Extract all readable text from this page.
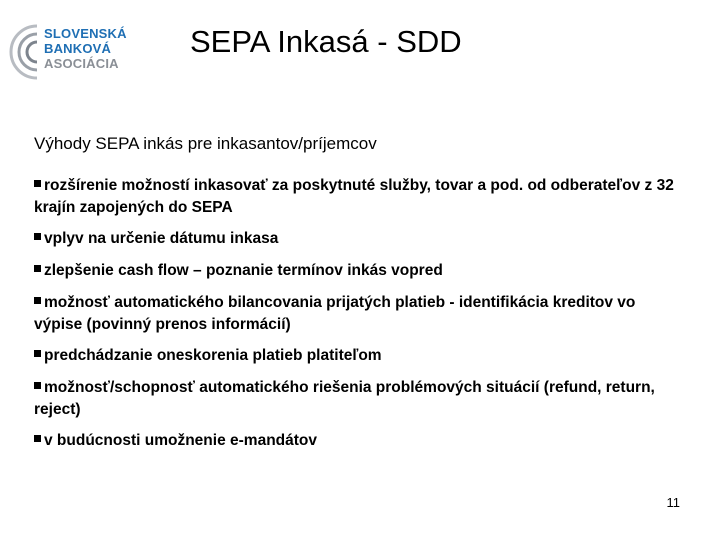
SLOVENSKÁ
BANKOVÁ
ASOCIÁCIA
SEPA Inkasá - SDD
Výhody SEPA inkás pre inkasantov/príjemcov
rozšírenie možností inkasovať za poskytnuté služby, tovar a pod. od odberateľov z 32 krajín zapojených do SEPA
vplyv na určenie dátumu inkasa
zlepšenie cash flow – poznanie termínov inkás vopred
možnosť automatického bilancovania prijatých platieb - identifikácia kreditov vo výpise (povinný prenos informácií)
predchádzanie oneskorenia platieb platiteľom
možnosť/schopnosť automatického riešenia problémových situácií (refund, return, reject)
v budúcnosti umožnenie e-mandátov
11
